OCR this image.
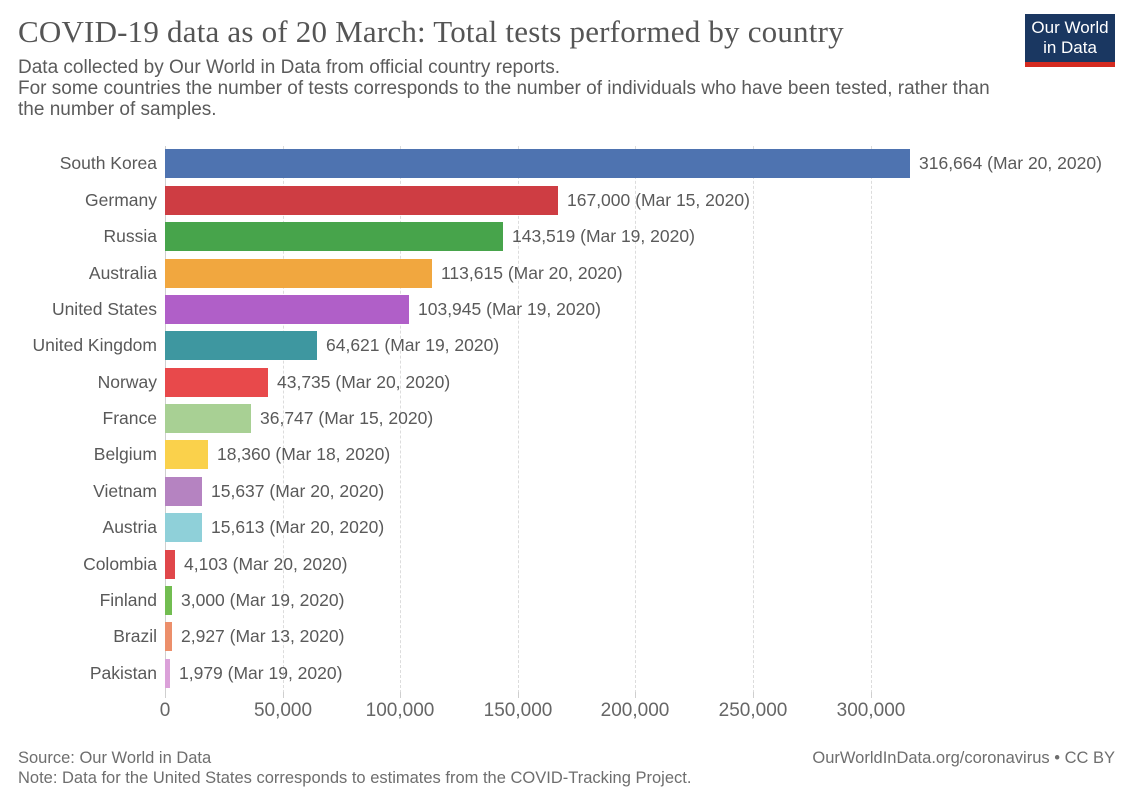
COVID-19 data as of 20 March: Total tests performed by country
Data collected by Our World in Data from official country reports.
For some countries the number of tests corresponds to the number of individuals who have been tested, rather than the number of samples.
Our World
in Data
South Korea	316,664 (Mar 20, 2020)
Germany	167,000 (Mar 15, 2020)
Russia	143,519 (Mar 19, 2020)
Australia	113,615 (Mar 20, 2020)
United States	103,945 (Mar 19, 2020)
United Kingdom	64,621 (Mar 19, 2020)
Norway	43,735 (Mar 20, 2020)
France	36,747 (Mar 15, 2020)
Belgium	18,360 (Mar 18, 2020)
Vietnam	15,637 (Mar 20, 2020)
Austria	15,613 (Mar 20, 2020)
Colombia	4,103 (Mar 20, 2020)
Finland	3,000 (Mar 19, 2020)
Brazil	2,927 (Mar 13, 2020)
Pakistan	1,979 (Mar 19, 2020)
0	50,000	100,000	150,000	200,000	250,000	300,000
Source: Our World in Data
Note: Data for the United States corresponds to estimates from the COVID-Tracking Project.
OurWorldInData.org/coronavirus • CC BY
